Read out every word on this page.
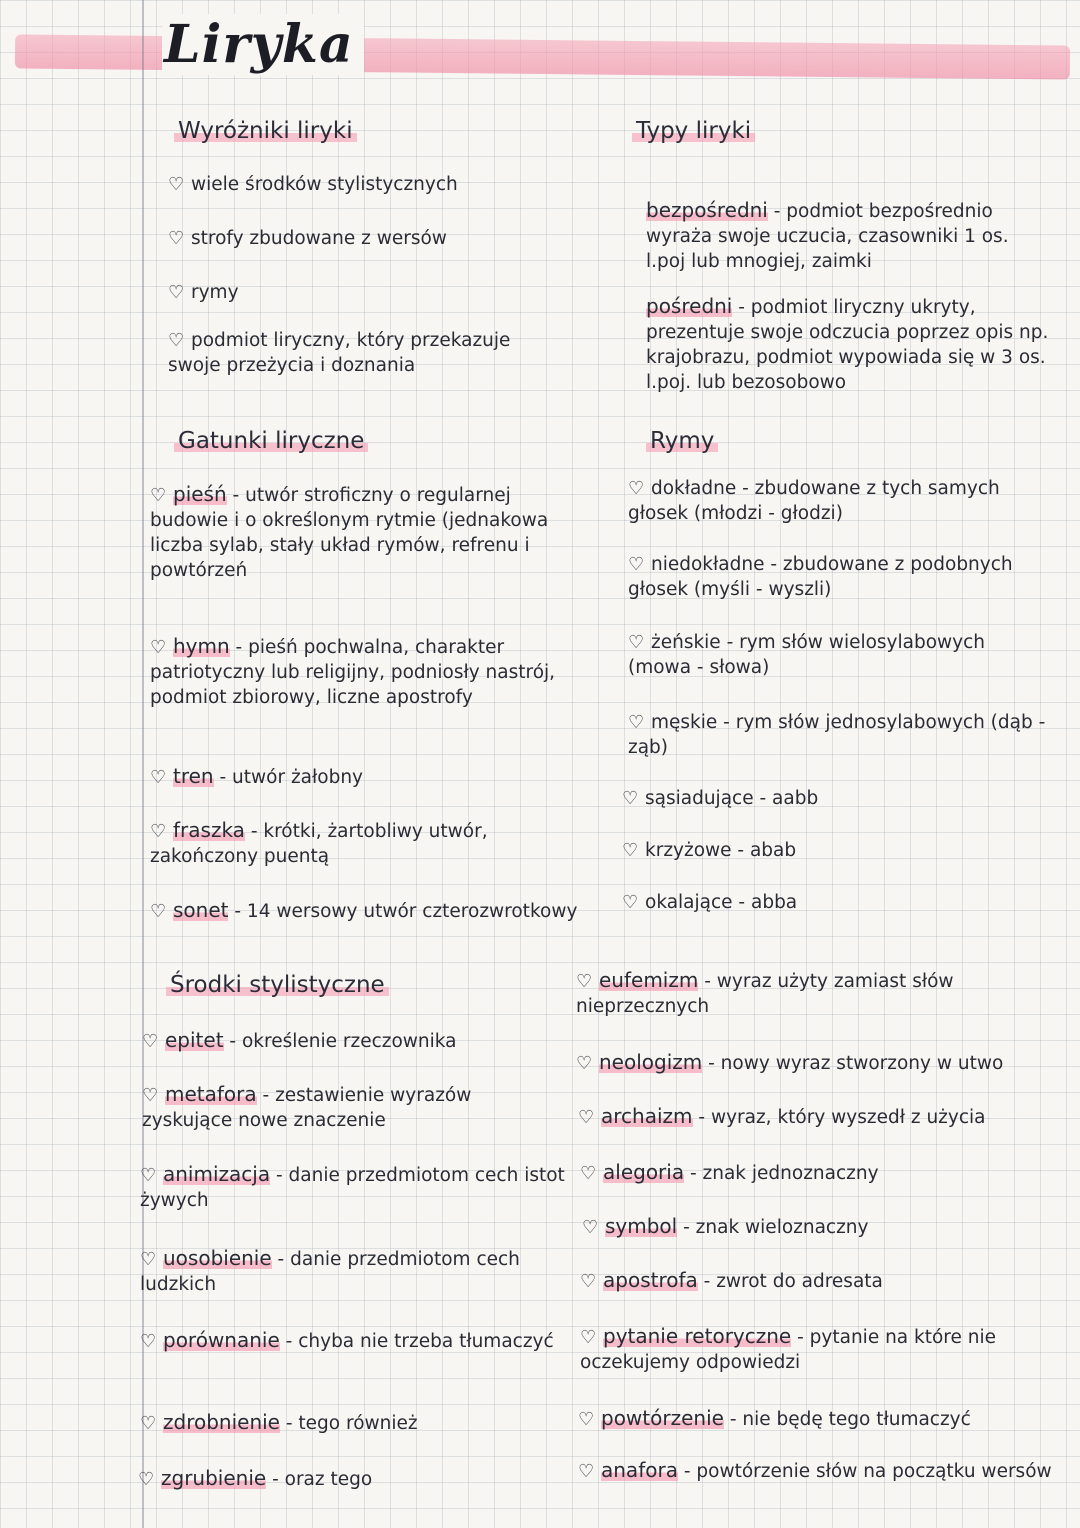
Liryka
Wyróżniki liryki
♡ wiele środków stylistycznych
♡ strofy zbudowane z wersów
♡ rymy
♡ podmiot liryczny, który przekazuje swoje przeżycia i doznania
Typy liryki
bezpośredni - podmiot bezpośrednio wyraża swoje uczucia, czasowniki 1 os. l.poj lub mnogiej, zaimki
pośredni - podmiot liryczny ukryty, prezentuje swoje odczucia poprzez opis np. krajobrazu, podmiot wypowiada się w 3 os. l.poj. lub bezosobowo
Gatunki liryczne
♡ pieśń - utwór stroficzny o regularnej budowie i o określonym rytmie (jednakowa liczba sylab, stały układ rymów, refrenu i powtórzeń
♡ hymn - pieśń pochwalna, charakter patriotyczny lub religijny, podniosły nastrój, podmiot zbiorowy, liczne apostrofy
♡ tren - utwór żałobny
♡ fraszka - krótki, żartobliwy utwór, zakończony puentą
♡ sonet - 14 wersowy utwór czterozwrotkowy
Rymy
♡ dokładne - zbudowane z tych samych głosek (młodzi - głodzi)
♡ niedokładne - zbudowane z podobnych głosek (myśli - wyszli)
♡ żeńskie - rym słów wielosylabowych (mowa - słowa)
♡ męskie - rym słów jednosylabowych (dąb - ząb)
♡ sąsiadujące - aabb
♡ krzyżowe - abab
♡ okalające - abba
Środki stylistyczne
♡ epitet - określenie rzeczownika
♡ metafora - zestawienie wyrazów zyskujące nowe znaczenie
♡ animizacja - danie przedmiotom cech istot żywych
♡ uosobienie - danie przedmiotom cech ludzkich
♡ porównanie - chyba nie trzeba tłumaczyć
♡ zdrobnienie - tego również
♡ zgrubienie - oraz tego
♡ eufemizm - wyraz użyty zamiast słów nieprzecznych
♡ neologizm - nowy wyraz stworzony w utwo
♡ archaizm - wyraz, który wyszedł z użycia
♡ alegoria - znak jednoznaczny
♡ symbol - znak wieloznaczny
♡ apostrofa - zwrot do adresata
♡ pytanie retoryczne - pytanie na które nie oczekujemy odpowiedzi
♡ powtórzenie - nie będę tego tłumaczyć
♡ anafora - powtórzenie słów na początku wersów
